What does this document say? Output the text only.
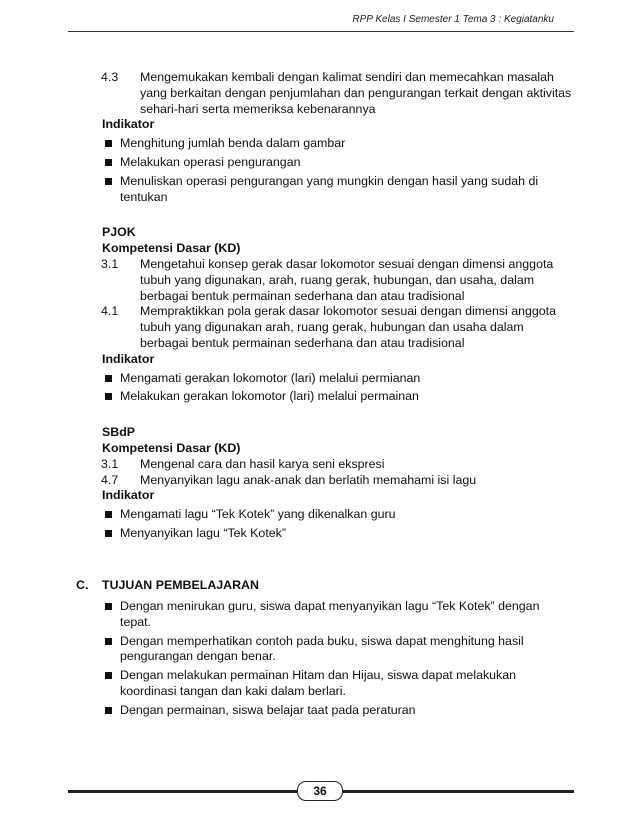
RPP Kelas I Semester 1 Tema 3 : Kegiatanku
4.3 Mengemukakan kembali dengan kalimat sendiri dan memecahkan masalah yang berkaitan dengan penjumlahan dan pengurangan terkait dengan aktivitas sehari-hari serta memeriksa kebenarannya
Indikator
Menghitung jumlah benda dalam gambar
Melakukan operasi pengurangan
Menuliskan operasi pengurangan yang mungkin dengan hasil yang sudah di tentukan
PJOK
Kompetensi Dasar (KD)
3.1 Mengetahui konsep gerak dasar lokomotor sesuai dengan dimensi anggota tubuh yang digunakan, arah, ruang gerak, hubungan, dan usaha, dalam berbagai bentuk permainan sederhana dan atau tradisional
4.1 Mempraktikkan pola gerak dasar lokomotor sesuai dengan dimensi anggota tubuh yang digunakan arah, ruang gerak, hubungan dan usaha dalam berbagai bentuk permainan sederhana dan atau tradisional
Indikator
Mengamati gerakan lokomotor (lari) melalui permianan
Melakukan gerakan lokomotor (lari) melalui permainan
SBdP
Kompetensi Dasar (KD)
3.1 Mengenal cara dan hasil karya seni ekspresi
4.7 Menyanyikan lagu anak-anak dan berlatih memahami isi lagu
Indikator
Mengamati lagu “Tek Kotek” yang dikenalkan guru
Menyanyikan lagu “Tek Kotek”
C. TUJUAN PEMBELAJARAN
Dengan menirukan guru, siswa dapat menyanyikan lagu “Tek Kotek” dengan tepat.
Dengan memperhatikan contoh pada buku, siswa dapat menghitung hasil pengurangan dengan benar.
Dengan melakukan permainan Hitam dan Hijau, siswa dapat melakukan koordinasi tangan dan kaki dalam berlari.
Dengan permainan, siswa belajar taat pada peraturan
36
